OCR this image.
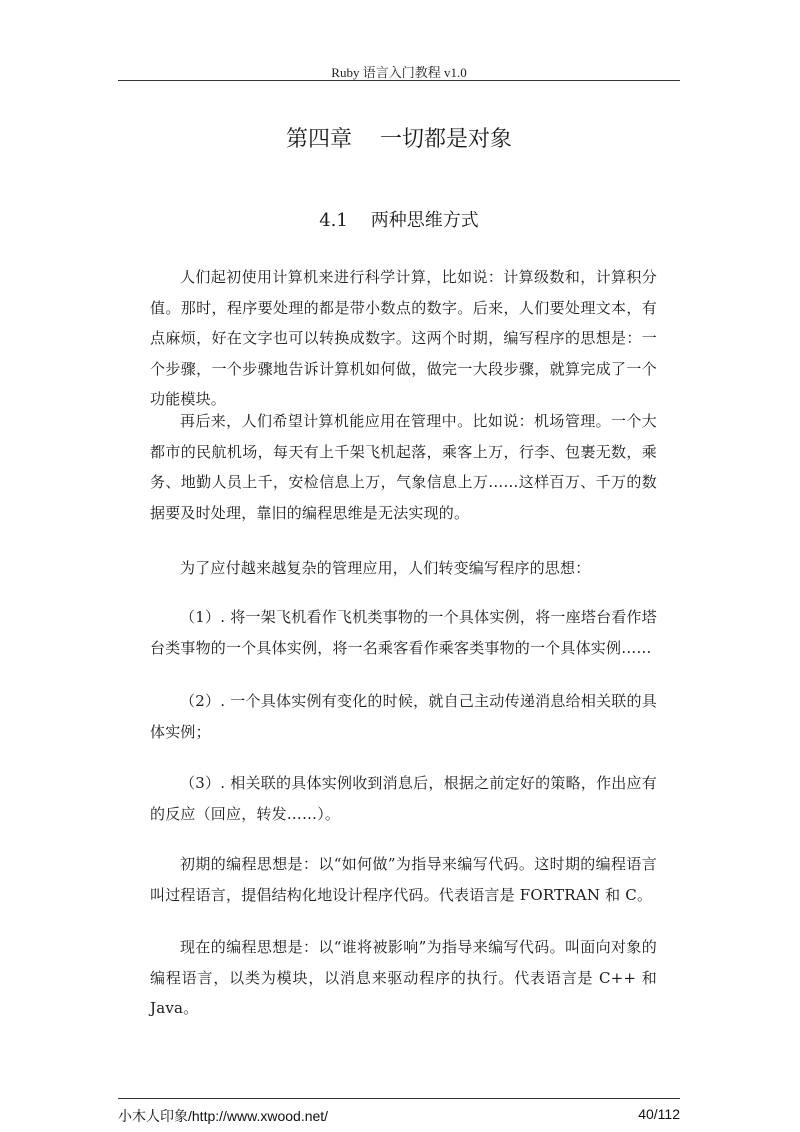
Ruby 语言入门教程 v1.0
第四章    一切都是对象
4.1    两种思维方式

人们起初使用计算机来进行科学计算，比如说：计算级数和，计算积分值。那时，程序要处理的都是带小数点的数字。后来，人们要处理文本，有点麻烦，好在文字也可以转换成数字。这两个时期，编写程序的思想是：一个步骤，一个步骤地告诉计算机如何做，做完一大段步骤，就算完成了一个功能模块。

再后来，人们希望计算机能应用在管理中。比如说：机场管理。一个大都市的民航机场，每天有上千架飞机起落，乘客上万，行李、包裹无数，乘务、地勤人员上千，安检信息上万，气象信息上万……这样百万、千万的数据要及时处理，靠旧的编程思维是无法实现的。

为了应付越来越复杂的管理应用，人们转变编写程序的思想：

（1）. 将一架飞机看作飞机类事物的一个具体实例，将一座塔台看作塔台类事物的一个具体实例，将一名乘客看作乘客类事物的一个具体实例……

（2）. 一个具体实例有变化的时候，就自己主动传递消息给相关联的具体实例；

（3）. 相关联的具体实例收到消息后，根据之前定好的策略，作出应有的反应（回应，转发……）。

初期的编程思想是：以“如何做”为指导来编写代码。这时期的编程语言叫过程语言，提倡结构化地设计程序代码。代表语言是 FORTRAN 和 C。

现在的编程思想是：以“谁将被影响”为指导来编写代码。叫面向对象的编程语言，以类为模块，以消息来驱动程序的执行。代表语言是 C++ 和 Java。

小木人印象/http://www.xwood.net/	40/112
